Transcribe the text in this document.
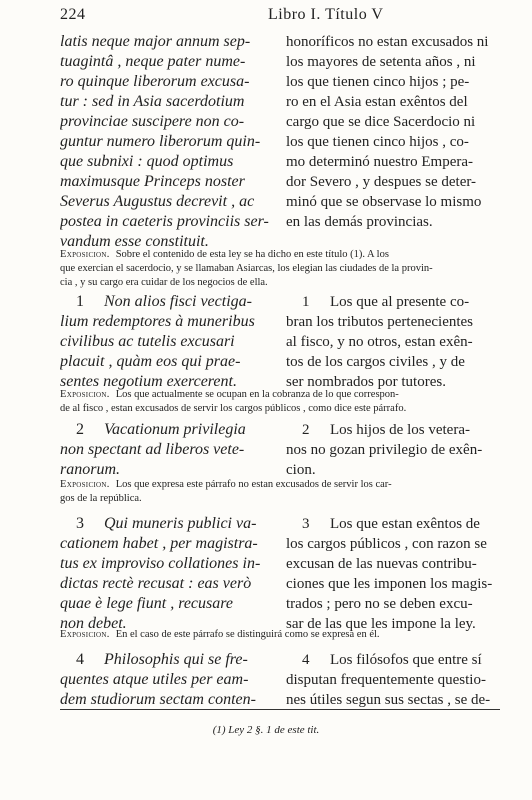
224	Libro I. Título V
latis neque major annum sep-
tuagintâ , neque pater nume-
ro quinque liberorum excusa-
tur : sed in Asia sacerdotium
provinciae suscipere non co-
guntur numero liberorum quin-
que subnixi : quod optimus
maximusque Princeps noster
Severus Augustus decrevit , ac
postea in caeteris provinciis ser-
vandum esse constituit.
honoríficos no estan excusados ni
los mayores de setenta años , ni
los que tienen cinco hijos ; pe-
ro en el Asia estan exêntos del
cargo que se dice Sacerdocio ni
los que tienen cinco hijos , co-
mo determinó nuestro Empera-
dor Severo , y despues se deter-
minó que se observase lo mismo
en las demás provincias.
Exposicion. Sobre el contenido de esta ley se ha dicho en este título (1). A los
que exercian el sacerdocio, y se llamaban Asiarcas, los elegian las ciudades de la provin-
cia , y su cargo era cuidar de los negocios de ella.
1 Non alios fisci vectiga-
lium redemptores à muneribus
civilibus ac tutelis excusari
placuit , quàm eos qui prae-
sentes negotium exercerent.
1 Los que al presente co-
bran los tributos pertenecientes
al fisco, y no otros, estan exên-
tos de los cargos civiles , y de
ser nombrados por tutores.
Exposicion. Los que actualmente se ocupan en la cobranza de lo que correspon-
de al fisco , estan excusados de servir los cargos públicos , como dice este párrafo.
2 Vacationum privilegia
non spectant ad liberos vete-
ranorum.
2 Los hijos de los vetera-
nos no gozan privilegio de exên-
cion.
Exposicion. Los que expresa este párrafo no estan excusados de servir los car-
gos de la república.
3 Qui muneris publici va-
cationem habet , per magistra-
tus ex improviso collationes in-
dictas rectè recusat : eas verò
quae è lege fiunt , recusare
non debet.
3 Los que estan exêntos de
los cargos públicos , con razon se
excusan de las nuevas contribu-
ciones que les imponen los magis-
trados ; pero no se deben excu-
sar de las que les impone la ley.
Exposicion. En el caso de este párrafo se distinguirá como se expresa en él.
4 Philosophis qui se fre-
quentes atque utiles per eam-
dem studiorum sectam conten-
4 Los filósofos que entre sí
disputan frequentemente questio-
nes útiles segun sus sectas , se de-
(1) Ley 2 §. 1 de este tit.
